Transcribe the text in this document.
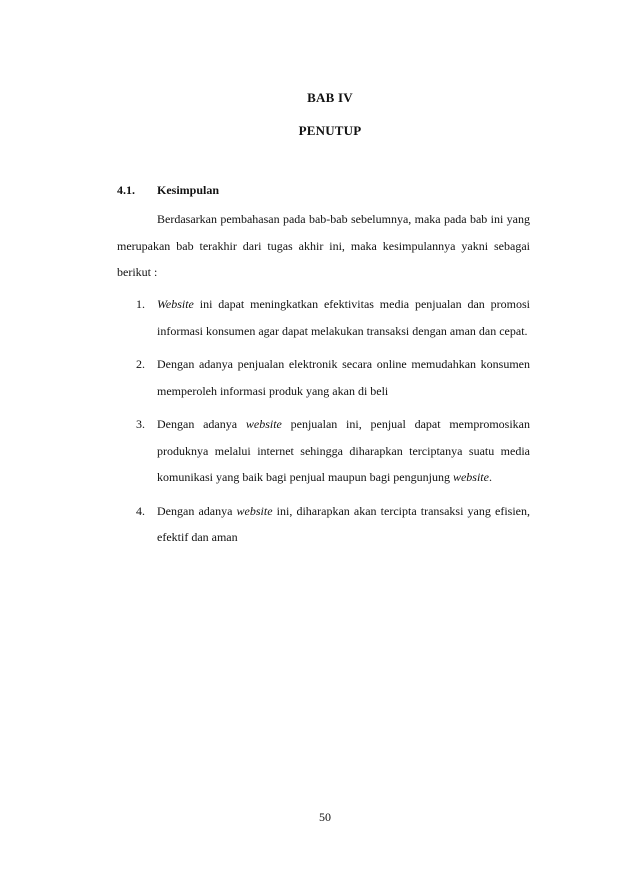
BAB IV
PENUTUP
4.1. Kesimpulan

Berdasarkan pembahasan pada bab-bab sebelumnya, maka pada bab ini yang merupakan bab terakhir dari tugas akhir ini, maka kesimpulannya yakni sebagai berikut :

1. Website ini dapat meningkatkan efektivitas media penjualan dan promosi informasi konsumen agar dapat melakukan transaksi dengan aman dan cepat.
2. Dengan adanya penjualan elektronik secara online memudahkan konsumen memperoleh informasi produk yang akan di beli
3. Dengan adanya website penjualan ini, penjual dapat mempromosikan produknya melalui internet sehingga diharapkan terciptanya suatu media komunikasi yang baik bagi penjual maupun bagi pengunjung website.
4. Dengan adanya website ini, diharapkan akan tercipta transaksi yang efisien, efektif dan aman
50
